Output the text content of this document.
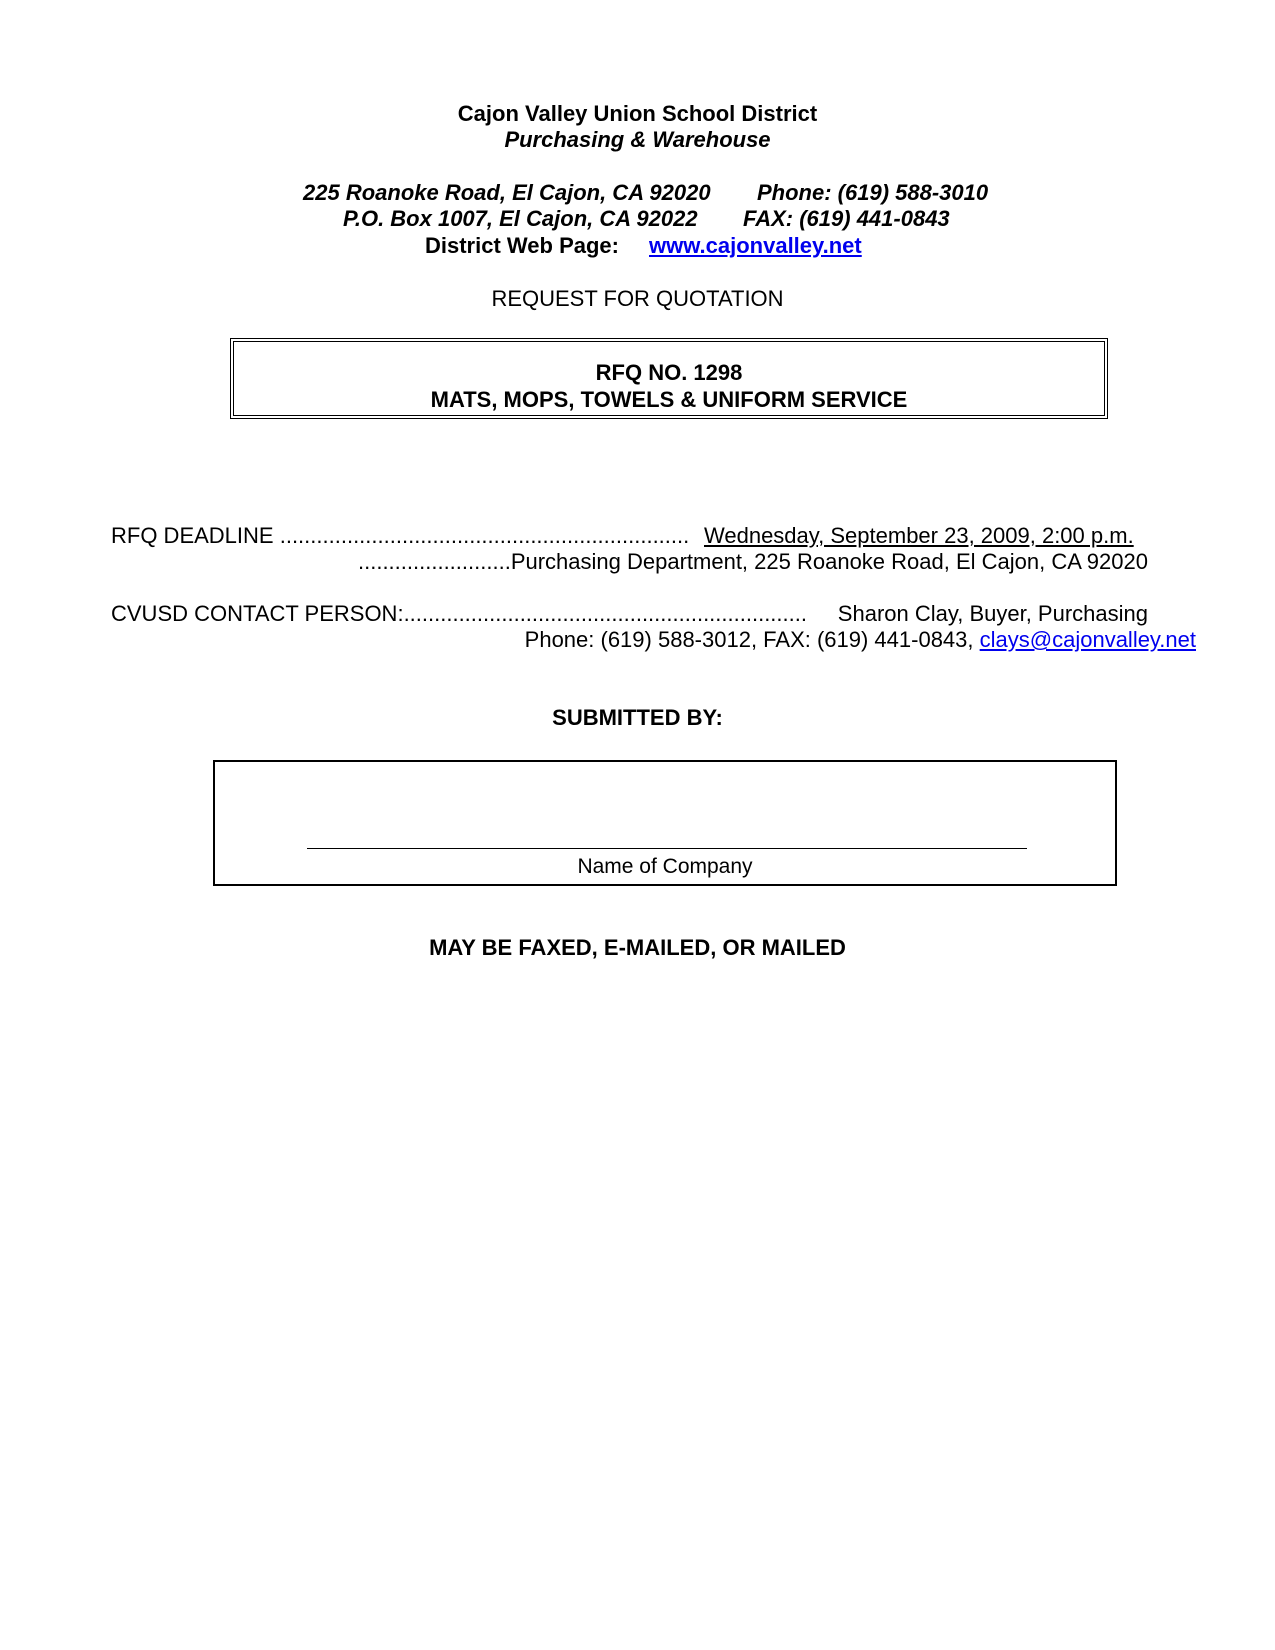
Cajon Valley Union School District
Purchasing & Warehouse
225 Roanoke Road, El Cajon, CA 92020 Phone: (619) 588-3010
P.O. Box 1007, El Cajon, CA 92022 FAX: (619) 441-0843
District Web Page: www.cajonvalley.net
REQUEST FOR QUOTATION
RFQ NO. 1298
MATS, MOPS, TOWELS & UNIFORM SERVICE
RFQ DEADLINE ................................................................... Wednesday, September 23, 2009, 2:00 p.m.
.........................Purchasing Department, 225 Roanoke Road, El Cajon, CA 92020
CVUSD CONTACT PERSON:.................................................................. Sharon Clay, Buyer, Purchasing
Phone: (619) 588-3012, FAX: (619) 441-0843, clays@cajonvalley.net
SUBMITTED BY:
Name of Company
MAY BE FAXED, E-MAILED, OR MAILED
